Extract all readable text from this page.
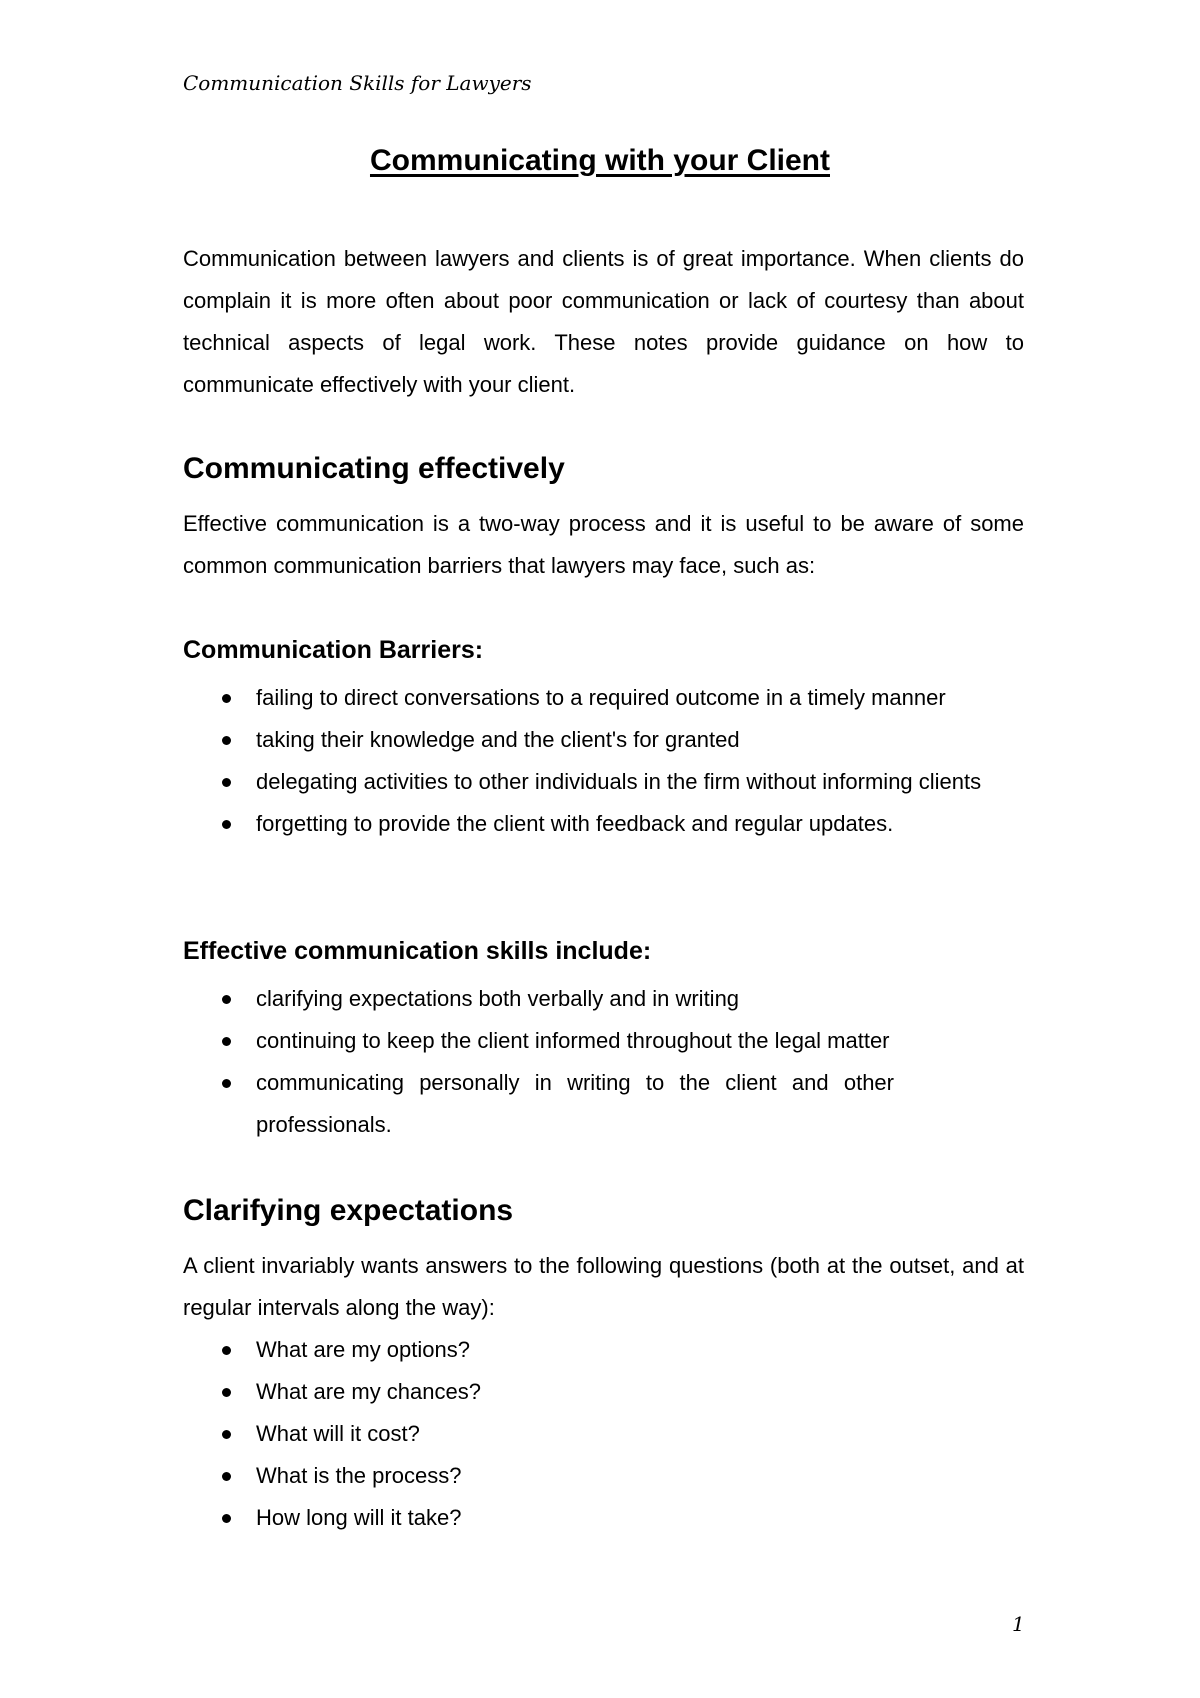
Communication Skills for Lawyers
Communicating with your Client
Communication between lawyers and clients is of great importance. When clients do complain it is more often about poor communication or lack of courtesy than about technical aspects of legal work. These notes provide guidance on how to communicate effectively with your client.
Communicating effectively
Effective communication is a two-way process and it is useful to be aware of some common communication barriers that lawyers may face, such as:
Communication Barriers:
failing to direct conversations to a required outcome in a timely manner
taking their knowledge and the client's for granted
delegating activities to other individuals in the firm without informing clients
forgetting to provide the client with feedback and regular updates.
Effective communication skills include:
clarifying expectations both verbally and in writing
continuing to keep the client informed throughout the legal matter
communicating personally in writing to the client and other professionals.
Clarifying expectations
A client invariably wants answers to the following questions (both at the outset, and at regular intervals along the way):
What are my options?
What are my chances?
What will it cost?
What is the process?
How long will it take?
1
